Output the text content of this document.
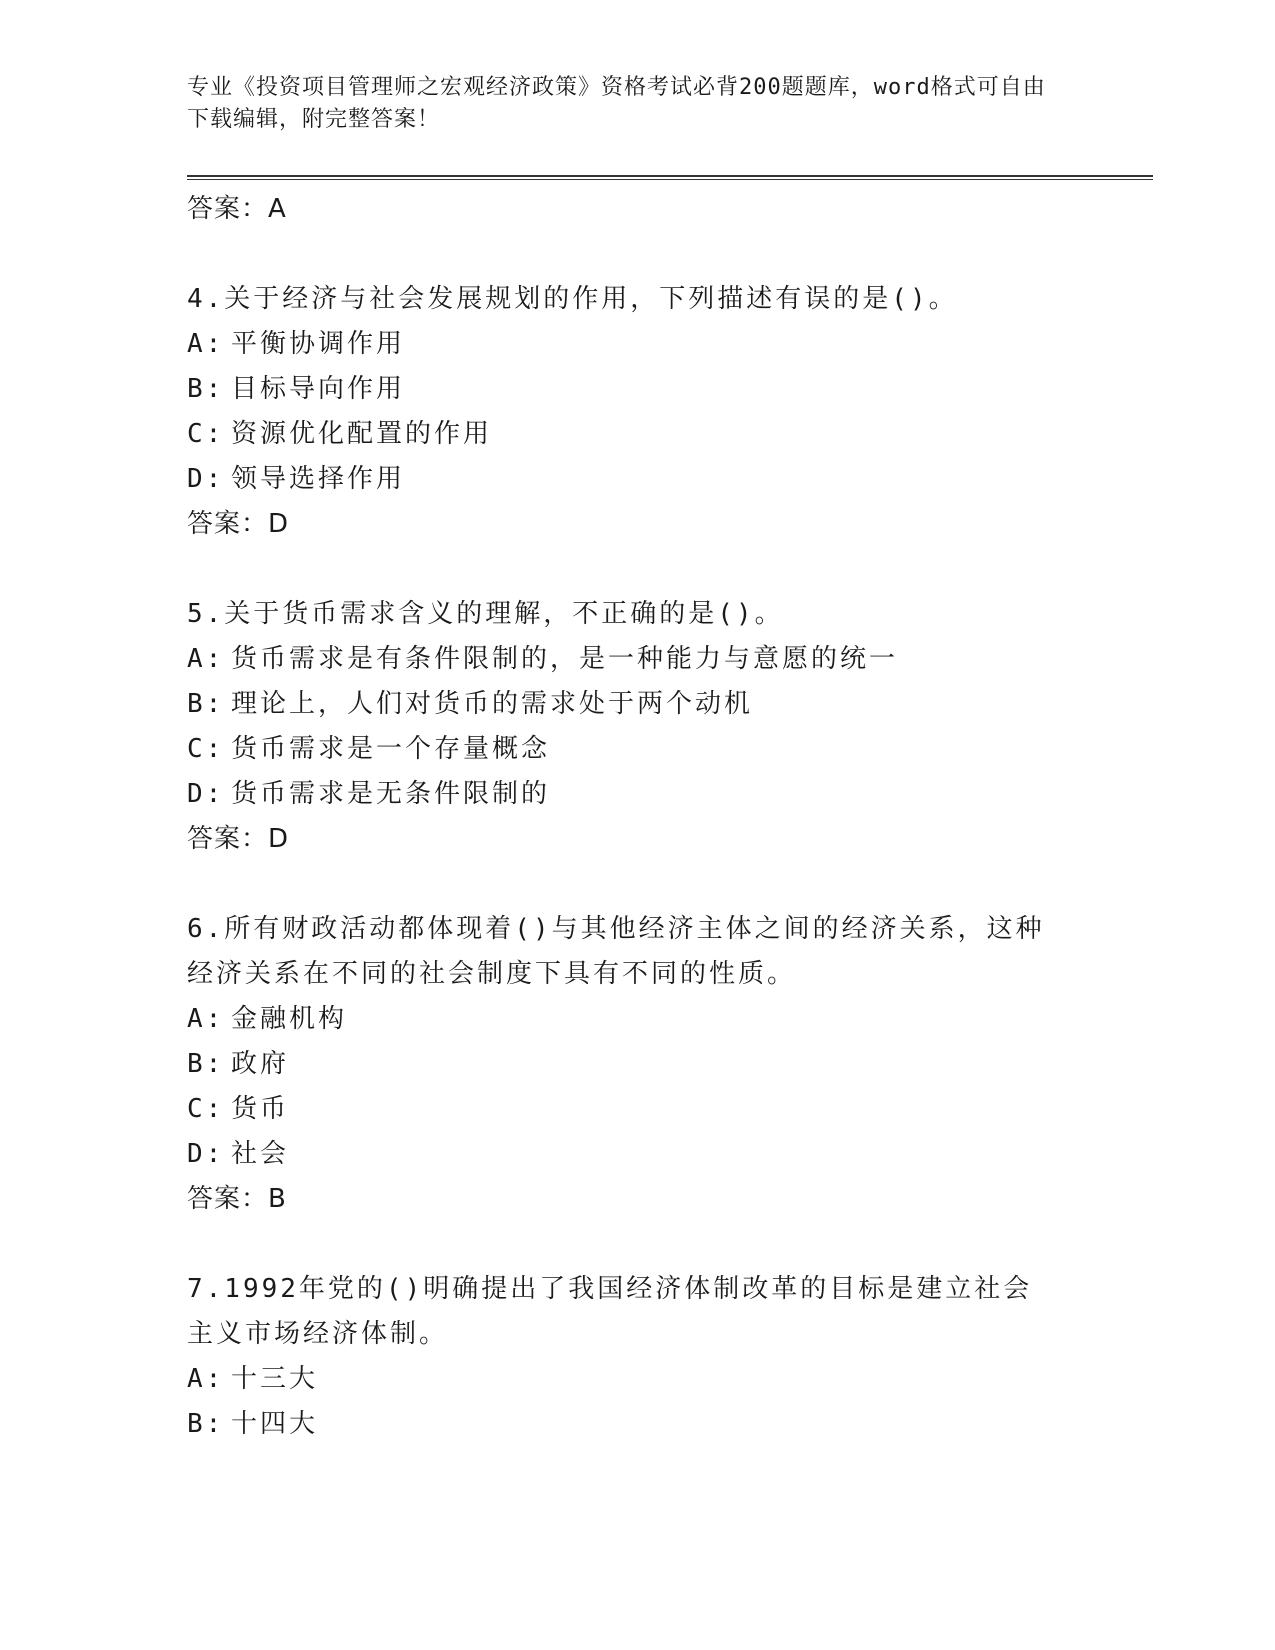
专业《投资项目管理师之宏观经济政策》资格考试必背200题题库，word格式可自由下载编辑，附完整答案！
答案：A
4.关于经济与社会发展规划的作用，下列描述有误的是()。
A: 平衡协调作用
B: 目标导向作用
C: 资源优化配置的作用
D: 领导选择作用
答案：D
5.关于货币需求含义的理解，不正确的是()。
A: 货币需求是有条件限制的，是一种能力与意愿的统一
B: 理论上，人们对货币的需求处于两个动机
C: 货币需求是一个存量概念
D: 货币需求是无条件限制的
答案：D
6.所有财政活动都体现着()与其他经济主体之间的经济关系，这种经济关系在不同的社会制度下具有不同的性质。
A: 金融机构
B: 政府
C: 货币
D: 社会
答案：B
7.1992年党的()明确提出了我国经济体制改革的目标是建立社会主义市场经济体制。
A: 十三大
B: 十四大
